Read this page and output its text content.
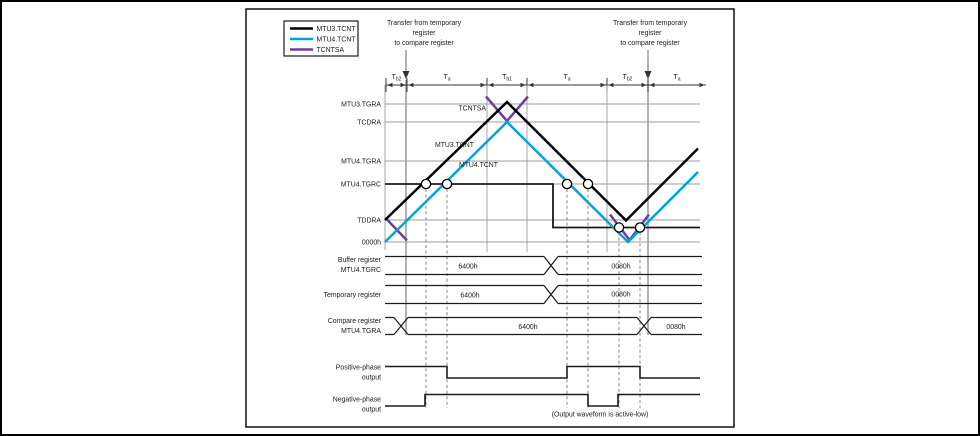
MTU3.TCNT
MTU4.TCNT
TCNTSA
Transfer from temporary
register
to compare register
Transfer from temporary
register
to compare register
Tb2	Ta	Tb1	Ta	Tb2	Ta
MTU3.TGRA
TCDRA
MTU4.TGRA
MTU4.TGRC
TDDRA
0000h
TCNTSA
MTU3.TCNT
MTU4.TCNT
Buffer register
MTU4.TGRC
Temporary register
Compare register
MTU4.TGRA
6400h	0080h
6400h	0080h
6400h	0080h
Positive-phase
output
Negative-phase
output
(Output waveform is active-low)
